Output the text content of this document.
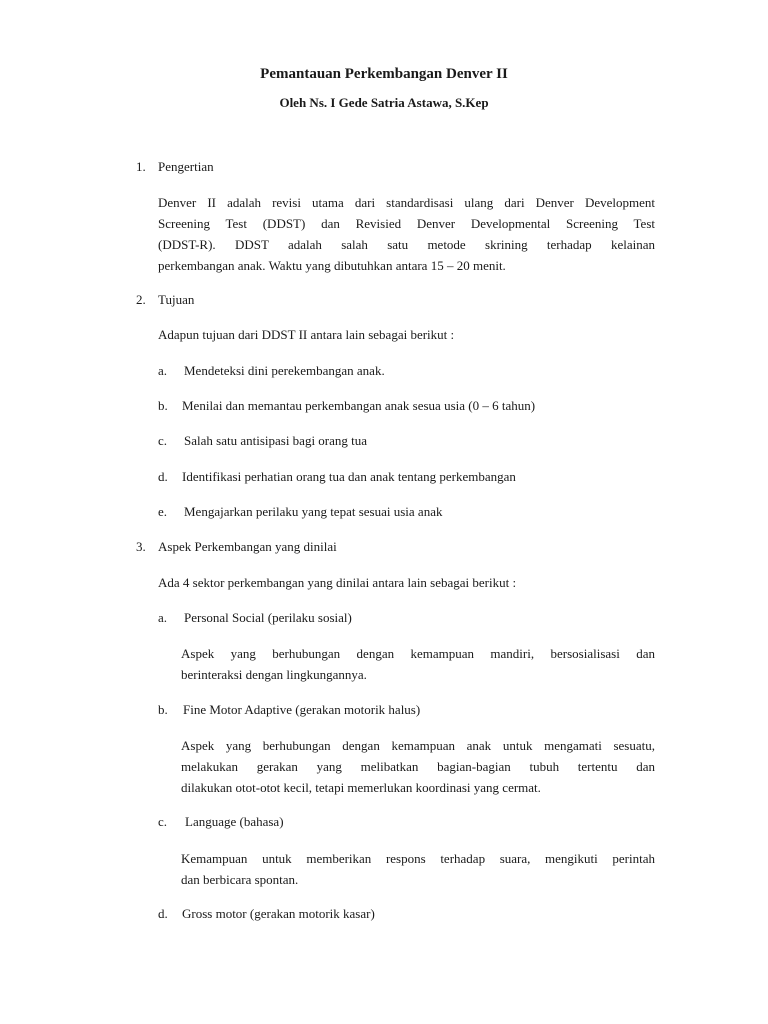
Pemantauan Perkembangan Denver II
Oleh Ns. I Gede Satria Astawa, S.Kep
1. Pengertian
Denver II adalah revisi utama dari standardisasi ulang dari Denver Development
Screening Test (DDST) dan Revisied Denver Developmental Screening Test
(DDST-R). DDST adalah salah satu metode skrining terhadap kelainan
perkembangan anak. Waktu yang dibutuhkan antara 15 – 20 menit.
2. Tujuan
Adapun tujuan dari DDST II antara lain sebagai berikut :
a.	Mendeteksi dini perekembangan anak.
b.	Menilai dan memantau perkembangan anak sesua usia (0 – 6 tahun)
c.	Salah satu antisipasi bagi orang tua
d.	Identifikasi perhatian orang tua dan anak tentang perkembangan
e.	Mengajarkan perilaku yang tepat sesuai usia anak
3. Aspek Perkembangan yang dinilai
Ada 4 sektor perkembangan yang dinilai antara lain sebagai berikut :
a.	Personal Social (perilaku sosial)
Aspek yang berhubungan dengan kemampuan mandiri, bersosialisasi dan
berinteraksi dengan lingkungannya.
b.	Fine Motor Adaptive (gerakan motorik halus)
Aspek yang berhubungan dengan kemampuan anak untuk mengamati sesuatu,
melakukan gerakan yang melibatkan bagian-bagian tubuh tertentu dan
dilakukan otot-otot kecil, tetapi memerlukan koordinasi yang cermat.
c.	Language (bahasa)
Kemampuan untuk memberikan respons terhadap suara, mengikuti perintah
dan berbicara spontan.
d.	Gross motor (gerakan motorik kasar)
